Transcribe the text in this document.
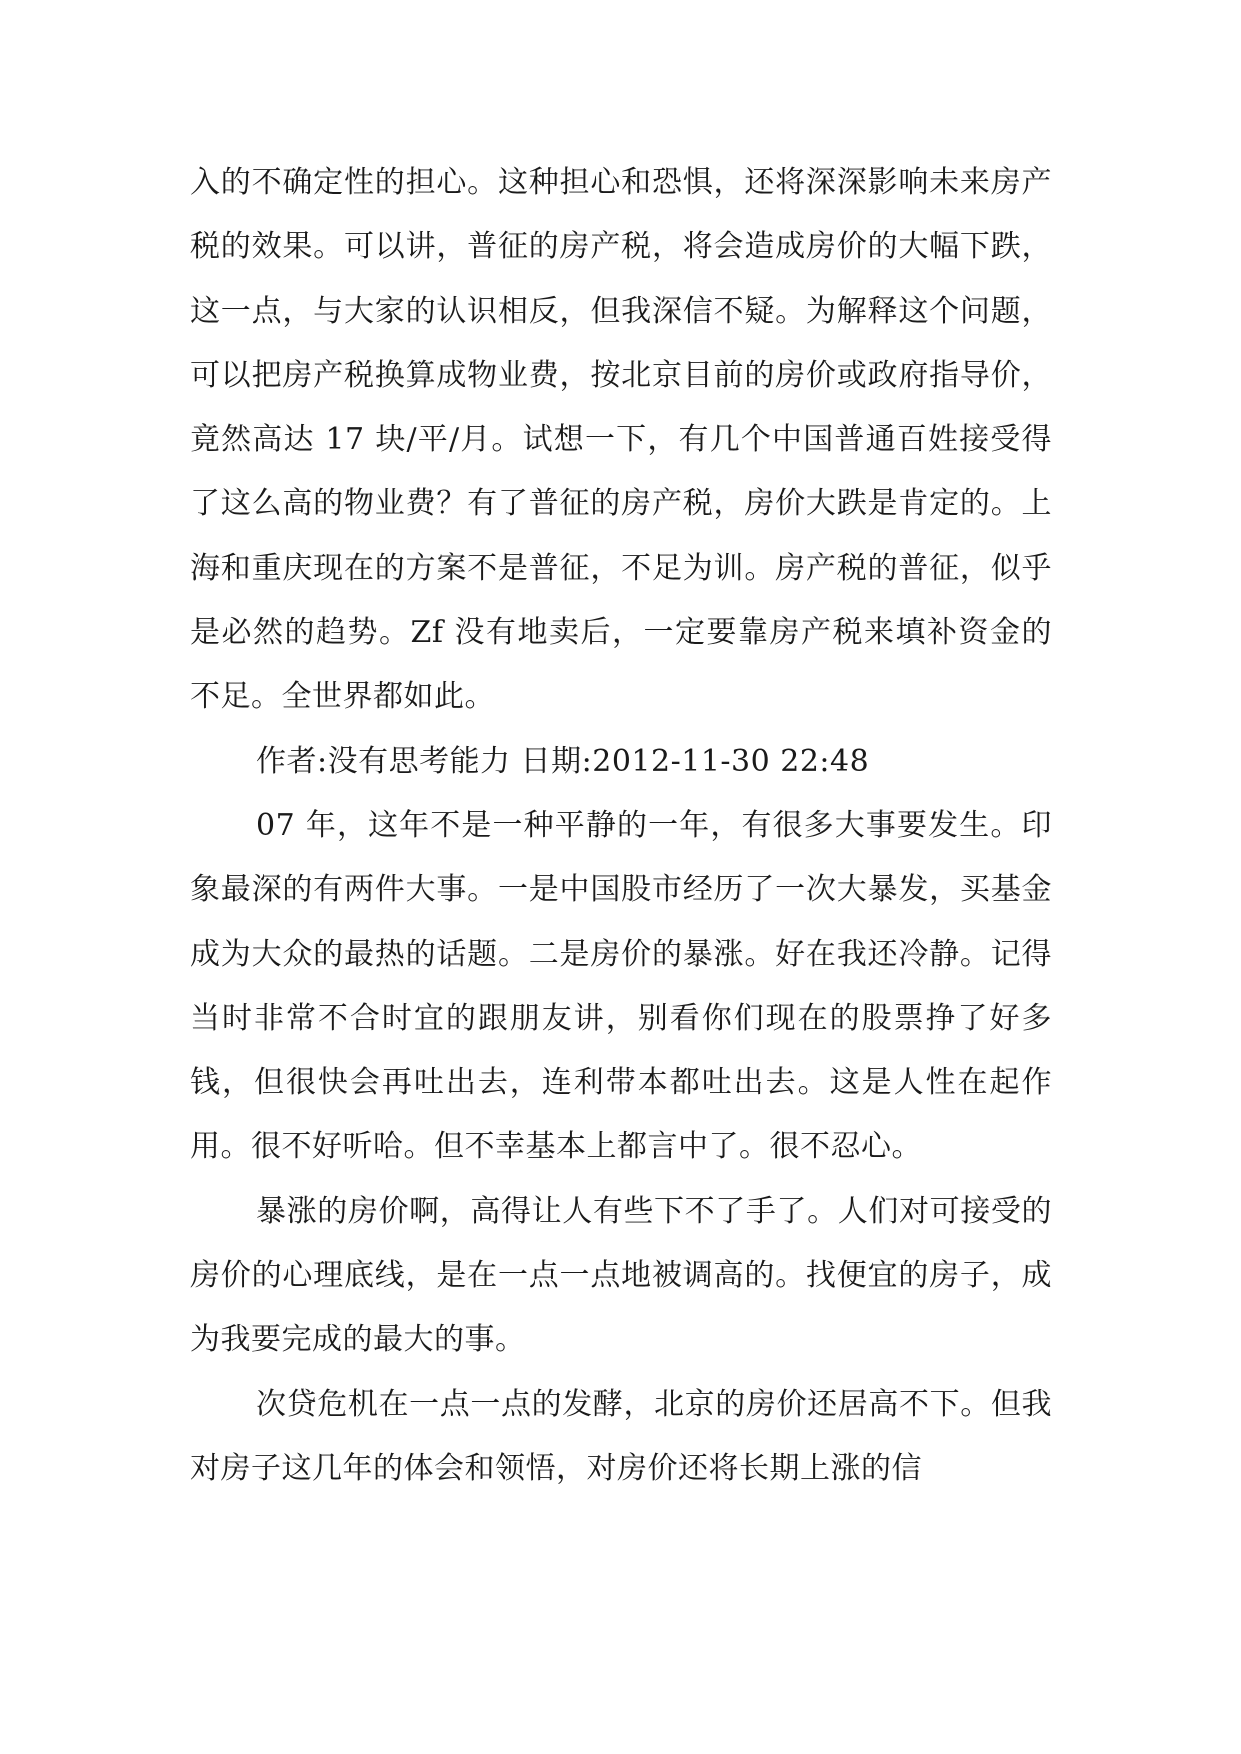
入的不确定性的担心。这种担心和恐惧，还将深深影响未来房产税的效果。可以讲，普征的房产税，将会造成房价的大幅下跌，这一点，与大家的认识相反，但我深信不疑。为解释这个问题，可以把房产税换算成物业费，按北京目前的房价或政府指导价，竟然高达 17 块/平/月。试想一下，有几个中国普通百姓接受得了这么高的物业费？有了普征的房产税，房价大跌是肯定的。上海和重庆现在的方案不是普征，不足为训。房产税的普征，似乎是必然的趋势。Zf 没有地卖后，一定要靠房产税来填补资金的不足。全世界都如此。

作者:没有思考能力 日期:2012-11-30 22:48

07 年，这年不是一种平静的一年，有很多大事要发生。印象最深的有两件大事。一是中国股市经历了一次大暴发，买基金成为大众的最热的话题。二是房价的暴涨。好在我还冷静。记得当时非常不合时宜的跟朋友讲，别看你们现在的股票挣了好多钱，但很快会再吐出去，连利带本都吐出去。这是人性在起作用。很不好听哈。但不幸基本上都言中了。很不忍心。

暴涨的房价啊，高得让人有些下不了手了。人们对可接受的房价的心理底线，是在一点一点地被调高的。找便宜的房子，成为我要完成的最大的事。

次贷危机在一点一点的发酵，北京的房价还居高不下。但我对房子这几年的体会和领悟，对房价还将长期上涨的信
